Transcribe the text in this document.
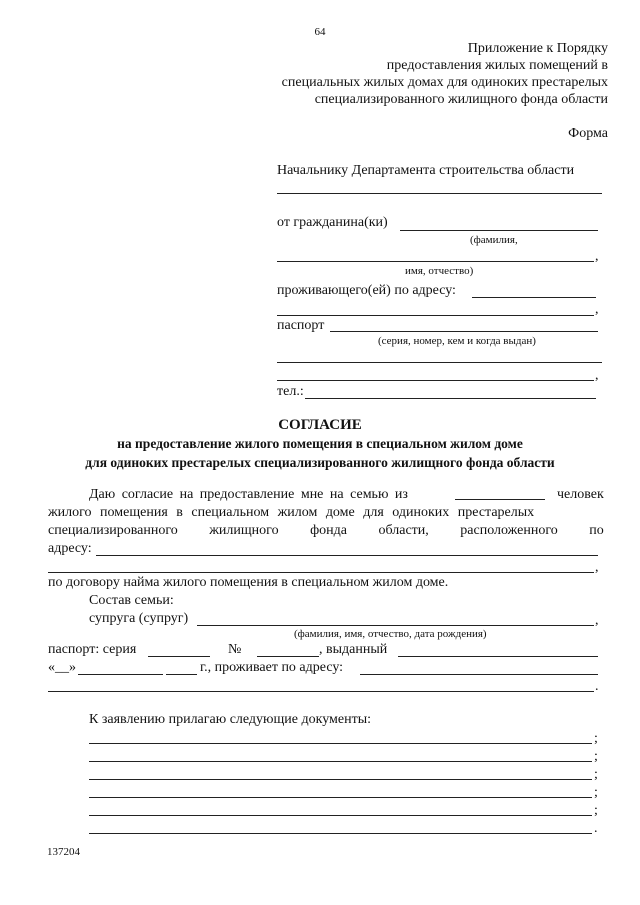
64
Приложение к Порядку
предоставления жилых помещений в
специальных жилых домах для одиноких престарелых
специализированного жилищного фонда области
Форма
Начальнику Департамента строительства области
от гражданина(ки)
(фамилия,
,
имя, отчество)
проживающего(ей) по адресу:
,
паспорт
(серия, номер, кем и когда выдан)
,
тел.:
СОГЛАСИЕ
на предоставление жилого помещения в специальном жилом доме
для одиноких престарелых специализированного жилищного фонда области
Даю согласие на предоставление мне на семью из	человек
жилого помещения в специальном жилом доме для одиноких престарелых
специализированного жилищного фонда области, расположенного по
адресу:
,
по договору найма жилого помещения в специальном жилом доме.
Состав семьи:
супруга (супруг)	,
(фамилия, имя, отчество, дата рождения)
паспорт: серия	№	, выданный
«__»	г., проживает по адресу:
.
К заявлению прилагаю следующие документы:
;
;
;
;
;
.
137204
